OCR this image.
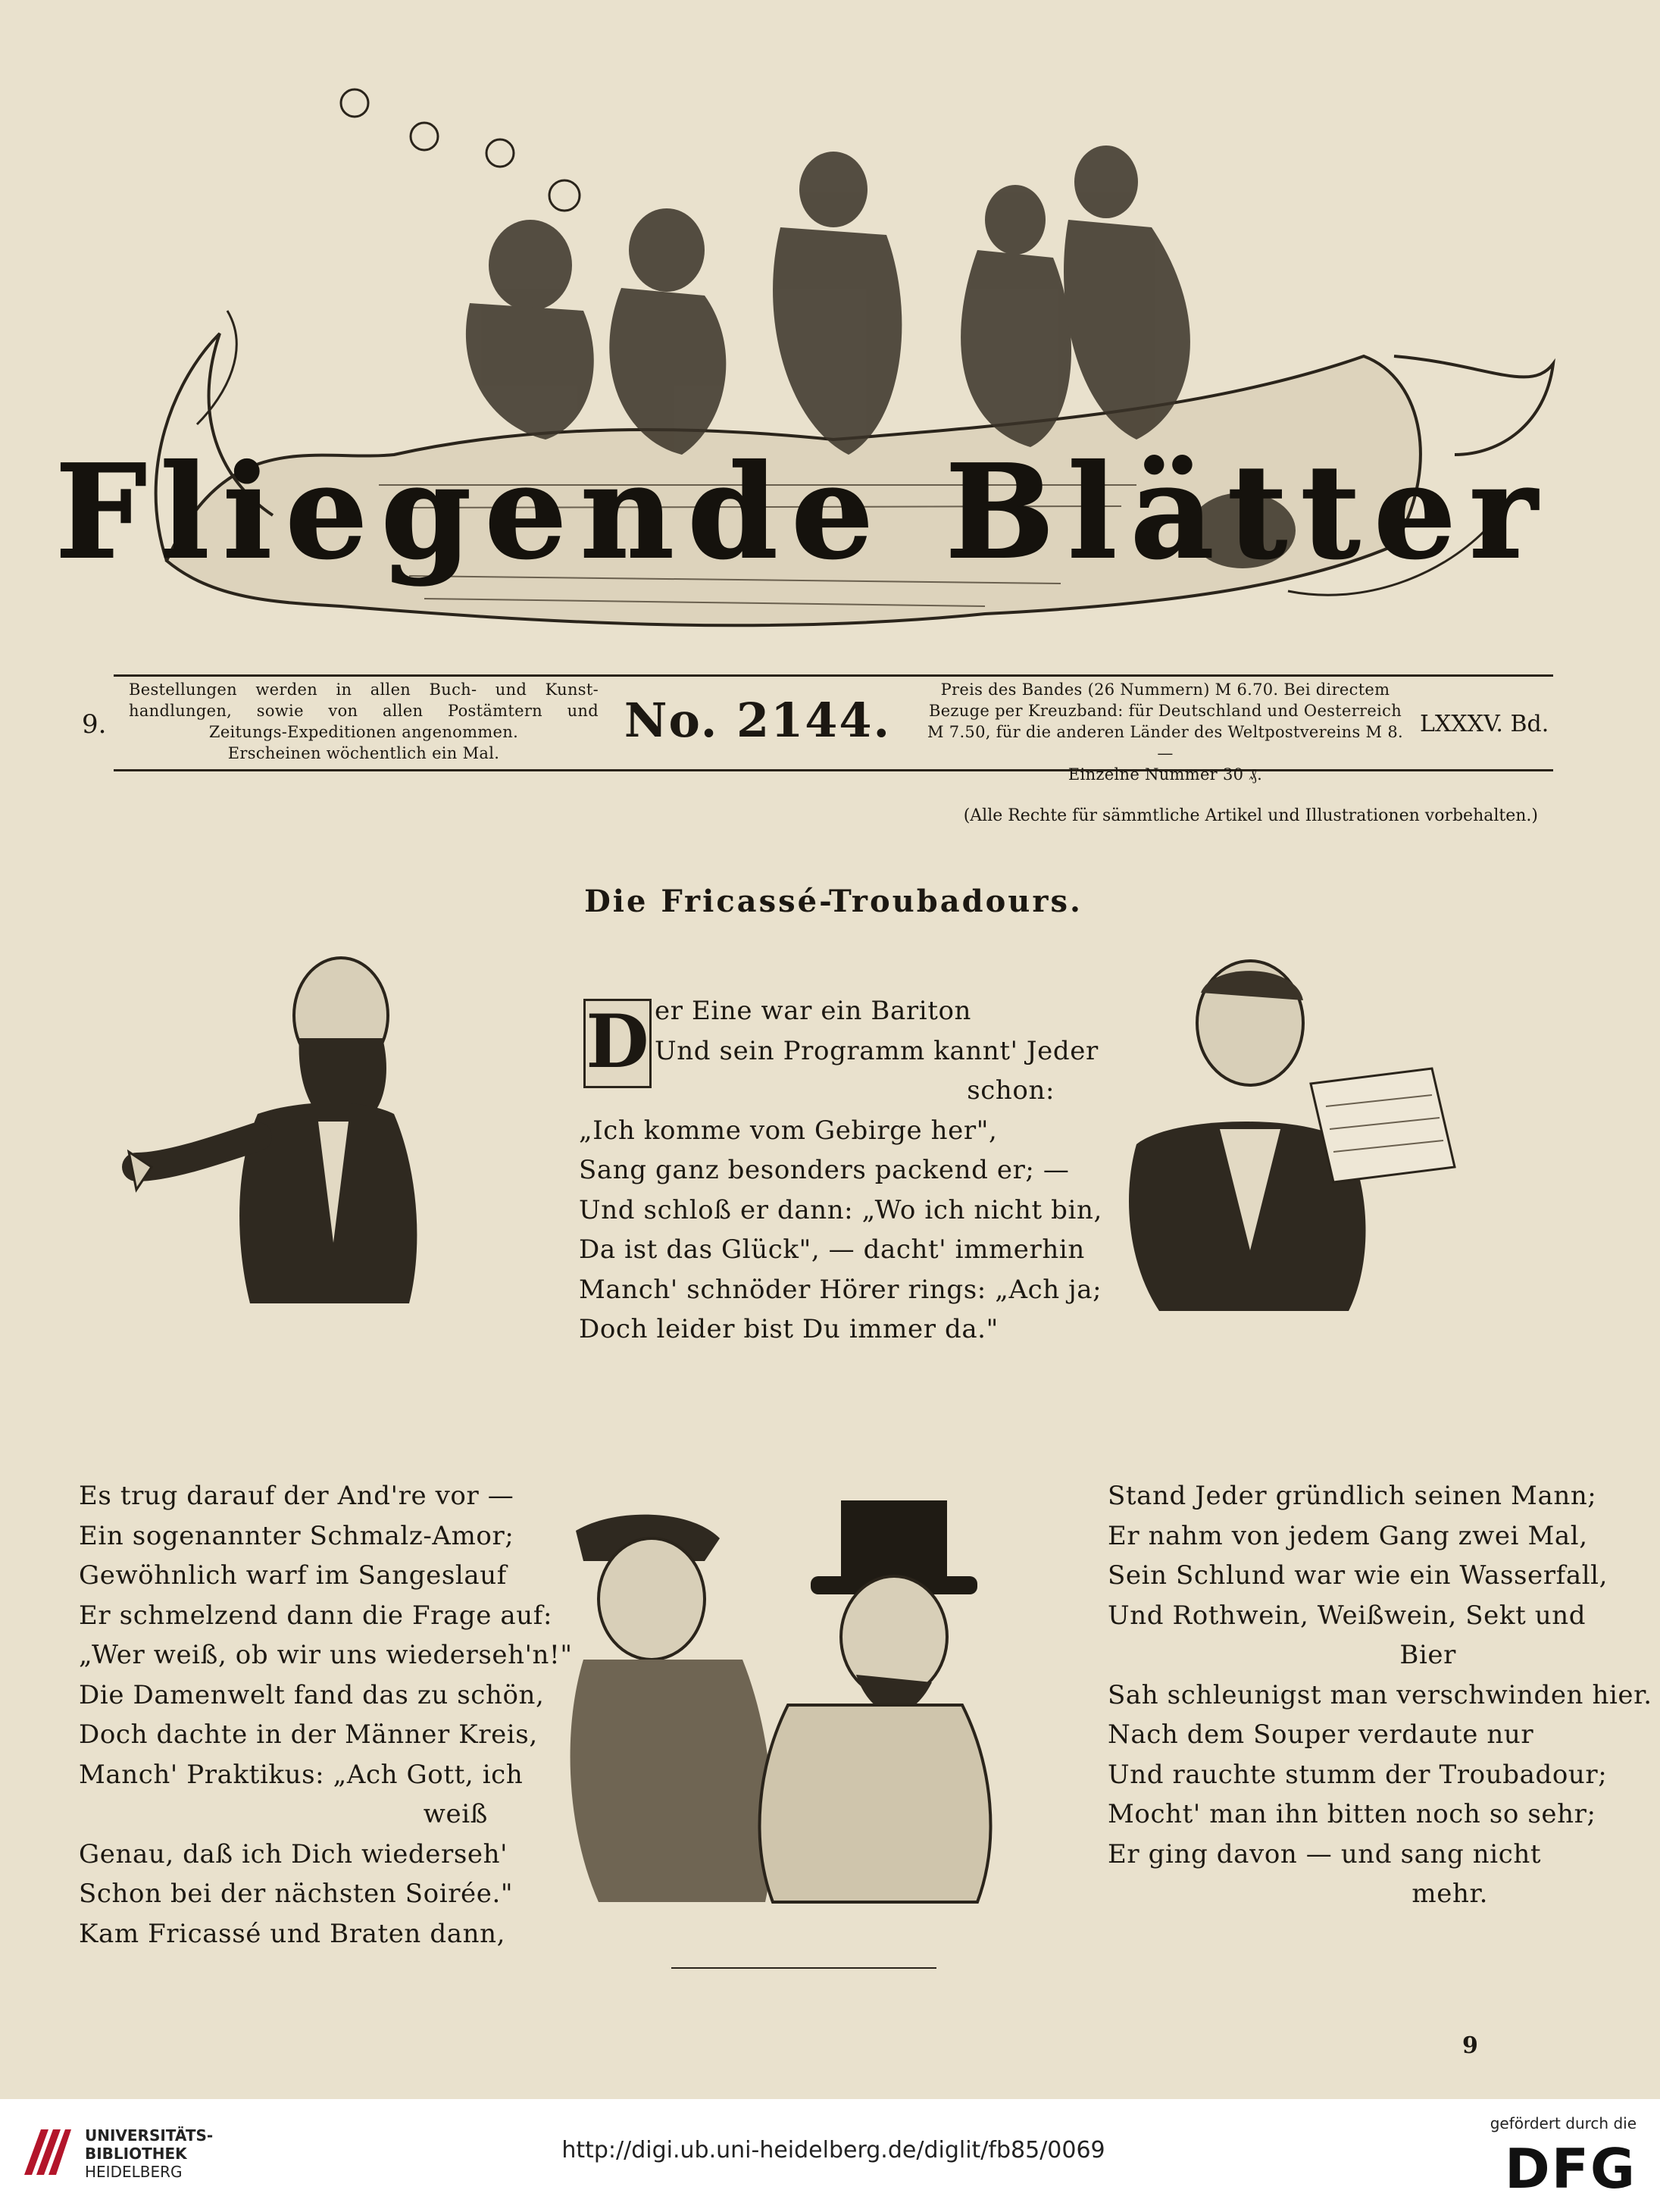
Fliegende Blätter
9.
Bestellungen werden in allen Buch- und Kunst-
handlungen, sowie von allen Postämtern und
Zeitungs-Expeditionen angenommen.
Erscheinen wöchentlich ein Mal.
No. 2144.
Preis des Bandes (26 Nummern) M 6.70. Bei directem
Bezuge per Kreuzband: für Deutschland und Oesterreich
M 7.50, für die anderen Länder des Weltpostvereins M 8.—
Einzelne Nummer 30 ₰.
LXXXV. Bd.
(Alle Rechte für sämmtliche Artikel und Illustrationen vorbehalten.)
Die Fricassé-Troubadours.
D er Eine war ein Bariton
Und sein Programm kannt' Jeder
schon:
„Ich komme vom Gebirge her",
Sang ganz besonders packend er; —
Und schloß er dann: „Wo ich nicht bin,
Da ist das Glück", — dacht' immerhin
Manch' schnöder Hörer rings: „Ach ja;
Doch leider bist Du immer da."
Es trug darauf der And're vor —
Ein sogenannter Schmalz-Amor;
Gewöhnlich warf im Sangeslauf
Er schmelzend dann die Frage auf:
„Wer weiß, ob wir uns wiederseh'n!"
Die Damenwelt fand das zu schön,
Doch dachte in der Männer Kreis,
Manch' Praktikus: „Ach Gott, ich
weiß
Genau, daß ich Dich wiederseh'
Schon bei der nächsten Soirée."
Kam Fricassé und Braten dann,
Stand Jeder gründlich seinen Mann;
Er nahm von jedem Gang zwei Mal,
Sein Schlund war wie ein Wasserfall,
Und Rothwein, Weißwein, Sekt und
Bier
Sah schleunigst man verschwinden hier.
Nach dem Souper verdaute nur
Und rauchte stumm der Troubadour;
Mocht' man ihn bitten noch so sehr;
Er ging davon — und sang nicht
mehr.
9
UNIVERSITÄTS-
BIBLIOTHEK
HEIDELBERG
http://digi.ub.uni-heidelberg.de/diglit/fb85/0069
gefördert durch die
DFG
